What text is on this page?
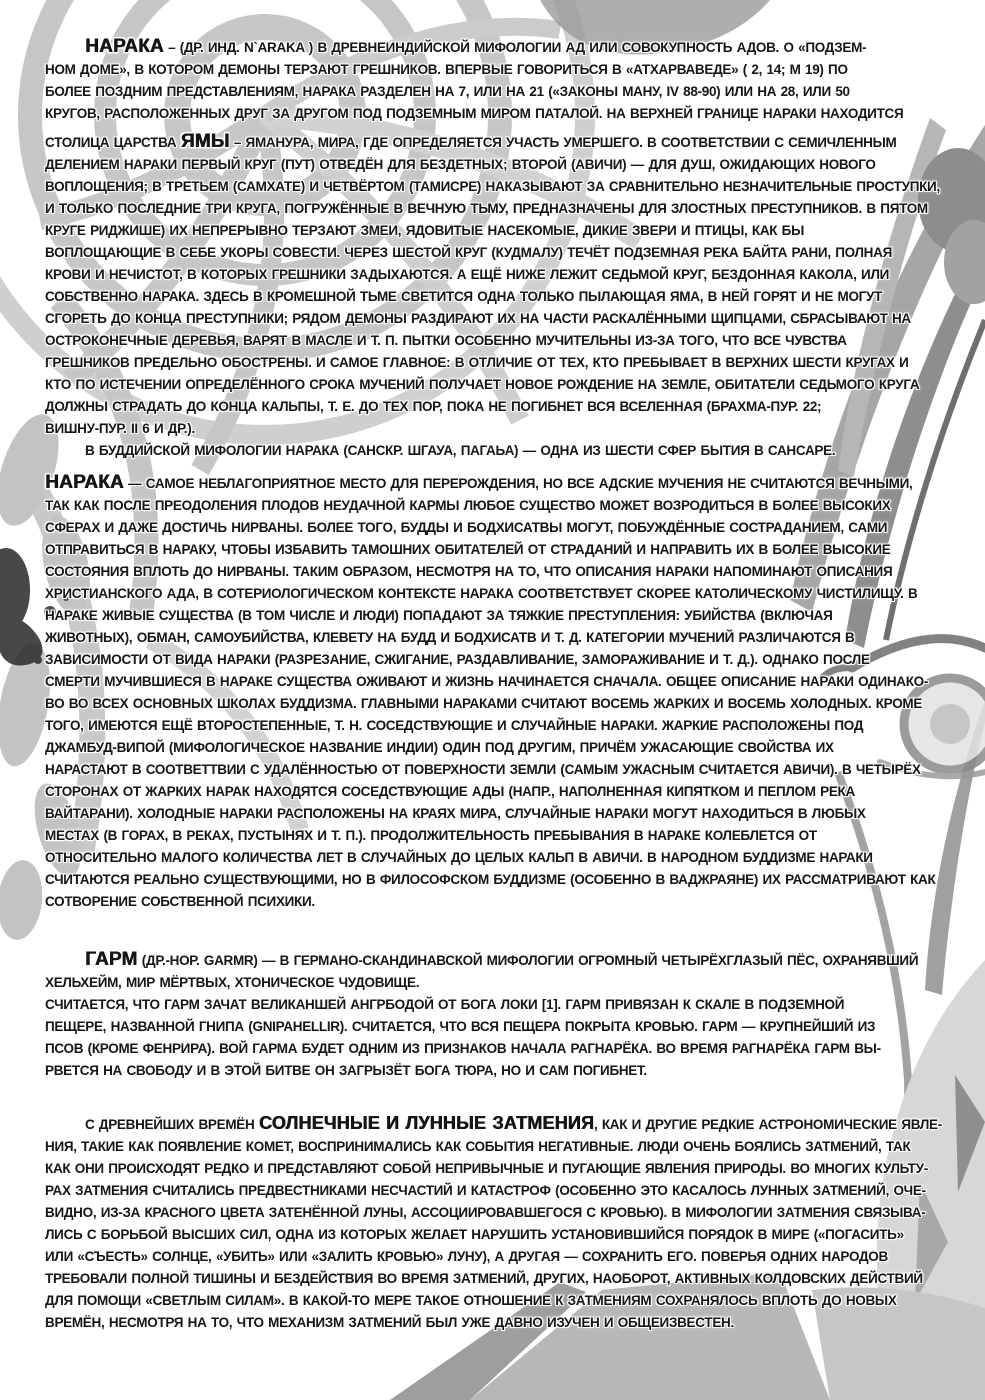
НАРАКА – (ДР. ИНД. N`ARAKA ) В ДРЕВНЕИНДИЙСКОЙ МИФОЛОГИИ АД ИЛИ СОВОКУПНОСТЬ АДОВ. О «ПОДЗЕМ-
НОМ ДОМЕ», В КОТОРОМ ДЕМОНЫ ТЕРЗАЮТ ГРЕШНИКОВ. ВПЕРВЫЕ ГОВОРИТЬСЯ В «АТХАРВАВЕДЕ» ( 2, 14; М 19) ПО
БОЛЕЕ ПОЗДНИМ ПРЕДСТАВЛЕНИЯМ, НАРАКА РАЗДЕЛЕН НА 7, ИЛИ НА 21 («ЗАКОНЫ МАНУ, IV 88-90) ИЛИ НА 28, ИЛИ 50
КРУГОВ, РАСПОЛОЖЕННЫХ ДРУГ ЗА ДРУГОМ ПОД ПОДЗЕМНЫМ МИРОМ ПАТАЛОЙ. НА ВЕРХНЕЙ ГРАНИЦЕ НАРАКИ НАХОДИТСЯ
СТОЛИЦА ЦАРСТВА ЯМЫ – ЯМАНУРА, МИРА, ГДЕ ОПРЕДЕЛЯЕТСЯ УЧАСТЬ УМЕРШЕГО. В СООТВЕТСТВИИ С СЕМИЧЛЕННЫМ
ДЕЛЕНИЕМ НАРАКИ ПЕРВЫЙ КРУГ (ПУТ) ОТВЕДЁН ДЛЯ БЕЗДЕТНЫХ; ВТОРОЙ (АВИЧИ) — ДЛЯ ДУШ, ОЖИДАЮЩИХ НОВОГО
ВОПЛОЩЕНИЯ; В ТРЕТЬЕМ (САМХАТЕ) И ЧЕТВЁРТОМ (ТАМИСРЕ) НАКАЗЫВАЮТ ЗА СРАВНИТЕЛЬНО НЕЗНАЧИТЕЛЬНЫЕ ПРОСТУПКИ,
И ТОЛЬКО ПОСЛЕДНИЕ ТРИ КРУГА, ПОГРУЖЁННЫЕ В ВЕЧНУЮ ТЬМУ, ПРЕДНАЗНАЧЕНЫ ДЛЯ ЗЛОСТНЫХ ПРЕСТУПНИКОВ. В ПЯТОМ
КРУГЕ РИДЖИШЕ) ИХ НЕПРЕРЫВНО ТЕРЗАЮТ ЗМЕИ, ЯДОВИТЫЕ НАСЕКОМЫЕ, ДИКИЕ ЗВЕРИ И ПТИЦЫ, КАК БЫ
ВОПЛОЩАЮЩИЕ В СЕБЕ УКОРЫ СОВЕСТИ. ЧЕРЕЗ ШЕСТОЙ КРУГ (КУДМАЛУ) ТЕЧЁТ ПОДЗЕМНАЯ РЕКА БАЙТА РАНИ, ПОЛНАЯ
КРОВИ И НЕЧИСТОТ, В КОТОРЫХ ГРЕШНИКИ ЗАДЫХАЮТСЯ. А ЕЩЁ НИЖЕ ЛЕЖИТ СЕДЬМОЙ КРУГ, БЕЗДОННАЯ КАКОЛА, ИЛИ
СОБСТВЕННО НАРАКА. ЗДЕСЬ В КРОМЕШНОЙ ТЬМЕ СВЕТИТСЯ ОДНА ТОЛЬКО ПЫЛАЮЩАЯ ЯМА, В НЕЙ ГОРЯТ И НЕ МОГУТ
СГОРЕТЬ ДО КОНЦА ПРЕСТУПНИКИ; РЯДОМ ДЕМОНЫ РАЗДИРАЮТ ИХ НА ЧАСТИ РАСКАЛЁННЫМИ ЩИПЦАМИ, СБРАСЫВАЮТ НА
ОСТРОКОНЕЧНЫЕ ДЕРЕВЬЯ, ВАРЯТ В МАСЛЕ И Т. П. ПЫТКИ ОСОБЕННО МУЧИТЕЛЬНЫ ИЗ-ЗА ТОГО, ЧТО ВСЕ ЧУВСТВА
ГРЕШНИКОВ ПРЕДЕЛЬНО ОБОСТРЕНЫ. И САМОЕ ГЛАВНОЕ: В ОТЛИЧИЕ ОТ ТЕХ, КТО ПРЕБЫВАЕТ В ВЕРХНИХ ШЕСТИ КРУГАХ И
КТО ПО ИСТЕЧЕНИИ ОПРЕДЕЛЁННОГО СРОКА МУЧЕНИЙ ПОЛУЧАЕТ НОВОЕ РОЖДЕНИЕ НА ЗЕМЛЕ, ОБИТАТЕЛИ СЕДЬМОГО КРУГА
ДОЛЖНЫ СТРАДАТЬ ДО КОНЦА КАЛЬПЫ, Т. Е. ДО ТЕХ ПОР, ПОКА НЕ ПОГИБНЕТ ВСЯ ВСЕЛЕННАЯ (БРАХМА-ПУР. 22;
ВИШНУ-ПУР. II 6 И ДР.).
В БУДДИЙСКОЙ МИФОЛОГИИ НАРАКА (САНСКР. ШГАУА, ПАГАЬА) — ОДНА ИЗ ШЕСТИ СФЕР БЫТИЯ В САНСАРЕ.
НАРАКА — САМОЕ НЕБЛАГОПРИЯТНОЕ МЕСТО ДЛЯ ПЕРЕРОЖДЕНИЯ, НО ВСЕ АДСКИЕ МУЧЕНИЯ НЕ СЧИТАЮТСЯ ВЕЧНЫМИ,
ТАК КАК ПОСЛЕ ПРЕОДОЛЕНИЯ ПЛОДОВ НЕУДАЧНОЙ КАРМЫ ЛЮБОЕ СУЩЕСТВО МОЖЕТ ВОЗРОДИТЬСЯ В БОЛЕЕ ВЫСОКИХ
СФЕРАХ И ДАЖЕ ДОСТИЧЬ НИРВАНЫ. БОЛЕЕ ТОГО, БУДДЫ И БОДХИСАТВЫ МОГУТ, ПОБУЖДЁННЫЕ СОСТРАДАНИЕМ, САМИ
ОТПРАВИТЬСЯ В НАРАКУ, ЧТОБЫ ИЗБАВИТЬ ТАМОШНИХ ОБИТАТЕЛЕЙ ОТ СТРАДАНИЙ И НАПРАВИТЬ ИХ В БОЛЕЕ ВЫСОКИЕ
СОСТОЯНИЯ ВПЛОТЬ ДО НИРВАНЫ. ТАКИМ ОБРАЗОМ, НЕСМОТРЯ НА ТО, ЧТО ОПИСАНИЯ НАРАКИ НАПОМИНАЮТ ОПИСАНИЯ
ХРИСТИАНСКОГО АДА, В СОТЕРИОЛОГИЧЕСКОМ КОНТЕКСТЕ НАРАКА СООТВЕТСТВУЕТ СКОРЕЕ КАТОЛИЧЕСКОМУ ЧИСТИЛИЩУ. В
НАРАКЕ ЖИВЫЕ СУЩЕСТВА (В ТОМ ЧИСЛЕ И ЛЮДИ) ПОПАДАЮТ ЗА ТЯЖКИЕ ПРЕСТУПЛЕНИЯ: УБИЙСТВА (ВКЛЮЧАЯ
ЖИВОТНЫХ), ОБМАН, САМОУБИЙСТВА, КЛЕВЕТУ НА БУДД И БОДХИСАТВ И Т. Д. КАТЕГОРИИ МУЧЕНИЙ РАЗЛИЧАЮТСЯ В
ЗАВИСИМОСТИ ОТ ВИДА НАРАКИ (РАЗРЕЗАНИЕ, СЖИГАНИЕ, РАЗДАВЛИВАНИЕ, ЗАМОРАЖИВАНИЕ И Т. Д.). ОДНАКО ПОСЛЕ
СМЕРТИ МУЧИВШИЕСЯ В НАРАКЕ СУЩЕСТВА ОЖИВАЮТ И ЖИЗНЬ НАЧИНАЕТСЯ СНАЧАЛА. ОБЩЕЕ ОПИСАНИЕ НАРАКИ ОДИНАКО-
ВО ВО ВСЕХ ОСНОВНЫХ ШКОЛАХ БУДДИЗМА. ГЛАВНЫМИ НАРАКАМИ СЧИТАЮТ ВОСЕМЬ ЖАРКИХ И ВОСЕМЬ ХОЛОДНЫХ. КРОМЕ
ТОГО, ИМЕЮТСЯ ЕЩЁ ВТОРОСТЕПЕННЫЕ, Т. Н. СОСЕДСТВУЮЩИЕ И СЛУЧАЙНЫЕ НАРАКИ. ЖАРКИЕ РАСПОЛОЖЕНЫ ПОД
ДЖАМБУД-ВИПОЙ (МИФОЛОГИЧЕСКОЕ НАЗВАНИЕ ИНДИИ) ОДИН ПОД ДРУГИМ, ПРИЧЁМ УЖАСАЮЩИЕ СВОЙСТВА ИХ
НАРАСТАЮТ В СООТВЕТТВИИ С УДАЛЁННОСТЬЮ ОТ ПОВЕРХНОСТИ ЗЕМЛИ (САМЫМ УЖАСНЫМ СЧИТАЕТСЯ АВИЧИ). В ЧЕТЫРЁХ
СТОРОНАХ ОТ ЖАРКИХ НАРАК НАХОДЯТСЯ СОСЕДСТВУЮЩИЕ АДЫ (НАПР., НАПОЛНЕННАЯ КИПЯТКОМ И ПЕПЛОМ РЕКА
ВАЙТАРАНИ). ХОЛОДНЫЕ НАРАКИ РАСПОЛОЖЕНЫ НА КРАЯХ МИРА, СЛУЧАЙНЫЕ НАРАКИ МОГУТ НАХОДИТЬСЯ В ЛЮБЫХ
МЕСТАХ (В ГОРАХ, В РЕКАХ, ПУСТЫНЯХ И Т. П.). ПРОДОЛЖИТЕЛЬНОСТЬ ПРЕБЫВАНИЯ В НАРАКЕ КОЛЕБЛЕТСЯ ОТ
ОТНОСИТЕЛЬНО МАЛОГО КОЛИЧЕСТВА ЛЕТ В СЛУЧАЙНЫХ ДО ЦЕЛЫХ КАЛЬП В АВИЧИ. В НАРОДНОМ БУДДИЗМЕ НАРАКИ
СЧИТАЮТСЯ РЕАЛЬНО СУЩЕСТВУЮЩИМИ, НО В ФИЛОСОФСКОМ БУДДИЗМЕ (ОСОБЕННО В ВАДЖРАЯНЕ) ИХ РАССМАТРИВАЮТ КАК
СОТВОРЕНИЕ СОБСТВЕННОЙ ПСИХИКИ.
ГАРМ (ДР.-НОР. GARMR) — В ГЕРМАНО-СКАНДИНАВСКОЙ МИФОЛОГИИ ОГРОМНЫЙ ЧЕТЫРЁХГЛАЗЫЙ ПЁС, ОХРАНЯВШИЙ
ХЕЛЬХЕЙМ, МИР МЁРТВЫХ, ХТОНИЧЕСКОЕ ЧУДОВИЩЕ.
СЧИТАЕТСЯ, ЧТО ГАРМ ЗАЧАТ ВЕЛИКАНШЕЙ АНГРБОДОЙ ОТ БОГА ЛОКИ [1]. ГАРМ ПРИВЯЗАН К СКАЛЕ В ПОДЗЕМНОЙ
ПЕЩЕРЕ, НАЗВАННОЙ ГНИПА (GNIPAHELLIR). СЧИТАЕТСЯ, ЧТО ВСЯ ПЕЩЕРА ПОКРЫТА КРОВЬЮ. ГАРМ — КРУПНЕЙШИЙ ИЗ
ПСОВ (КРОМЕ ФЕНРИРА). ВОЙ ГАРМА БУДЕТ ОДНИМ ИЗ ПРИЗНАКОВ НАЧАЛА РАГНАРЁКА. ВО ВРЕМЯ РАГНАРЁКА ГАРМ ВЫ-
РВЕТСЯ НА СВОБОДУ И В ЭТОЙ БИТВЕ ОН ЗАГРЫЗЁТ БОГА ТЮРА, НО И САМ ПОГИБНЕТ.
С ДРЕВНЕЙШИХ ВРЕМЁН СОЛНЕЧНЫЕ И ЛУННЫЕ ЗАТМЕНИЯ, КАК И ДРУГИЕ РЕДКИЕ АСТРОНОМИЧЕСКИЕ ЯВЛЕ-
НИЯ, ТАКИЕ КАК ПОЯВЛЕНИЕ КОМЕТ, ВОСПРИНИМАЛИСЬ КАК СОБЫТИЯ НЕГАТИВНЫЕ. ЛЮДИ ОЧЕНЬ БОЯЛИСЬ ЗАТМЕНИЙ, ТАК
КАК ОНИ ПРОИСХОДЯТ РЕДКО И ПРЕДСТАВЛЯЮТ СОБОЙ НЕПРИВЫЧНЫЕ И ПУГАЮЩИЕ ЯВЛЕНИЯ ПРИРОДЫ. ВО МНОГИХ КУЛЬТУ-
РАХ ЗАТМЕНИЯ СЧИТАЛИСЬ ПРЕДВЕСТНИКАМИ НЕСЧАСТИЙ И КАТАСТРОФ (ОСОБЕННО ЭТО КАСАЛОСЬ ЛУННЫХ ЗАТМЕНИЙ, ОЧЕ-
ВИДНО, ИЗ-ЗА КРАСНОГО ЦВЕТА ЗАТЕНЁННОЙ ЛУНЫ, АССОЦИИРОВАВШЕГОСЯ С КРОВЬЮ). В МИФОЛОГИИ ЗАТМЕНИЯ СВЯЗЫВА-
ЛИСЬ С БОРЬБОЙ ВЫСШИХ СИЛ, ОДНА ИЗ КОТОРЫХ ЖЕЛАЕТ НАРУШИТЬ УСТАНОВИВШИЙСЯ ПОРЯДОК В МИРЕ («ПОГАСИТЬ»
ИЛИ «СЪЕСТЬ» СОЛНЦЕ, «УБИТЬ» ИЛИ «ЗАЛИТЬ КРОВЬЮ» ЛУНУ), А ДРУГАЯ — СОХРАНИТЬ ЕГО. ПОВЕРЬЯ ОДНИХ НАРОДОВ
ТРЕБОВАЛИ ПОЛНОЙ ТИШИНЫ И БЕЗДЕЙСТВИЯ ВО ВРЕМЯ ЗАТМЕНИЙ, ДРУГИХ, НАОБОРОТ, АКТИВНЫХ КОЛДОВСКИХ ДЕЙСТВИЙ
ДЛЯ ПОМОЩИ «СВЕТЛЫМ СИЛАМ». В КАКОЙ-ТО МЕРЕ ТАКОЕ ОТНОШЕНИЕ К ЗАТМЕНИЯМ СОХРАНЯЛОСЬ ВПЛОТЬ ДО НОВЫХ
ВРЕМЁН, НЕСМОТРЯ НА ТО, ЧТО МЕХАНИЗМ ЗАТМЕНИЙ БЫЛ УЖЕ ДАВНО ИЗУЧЕН И ОБЩЕИЗВЕСТЕН.
